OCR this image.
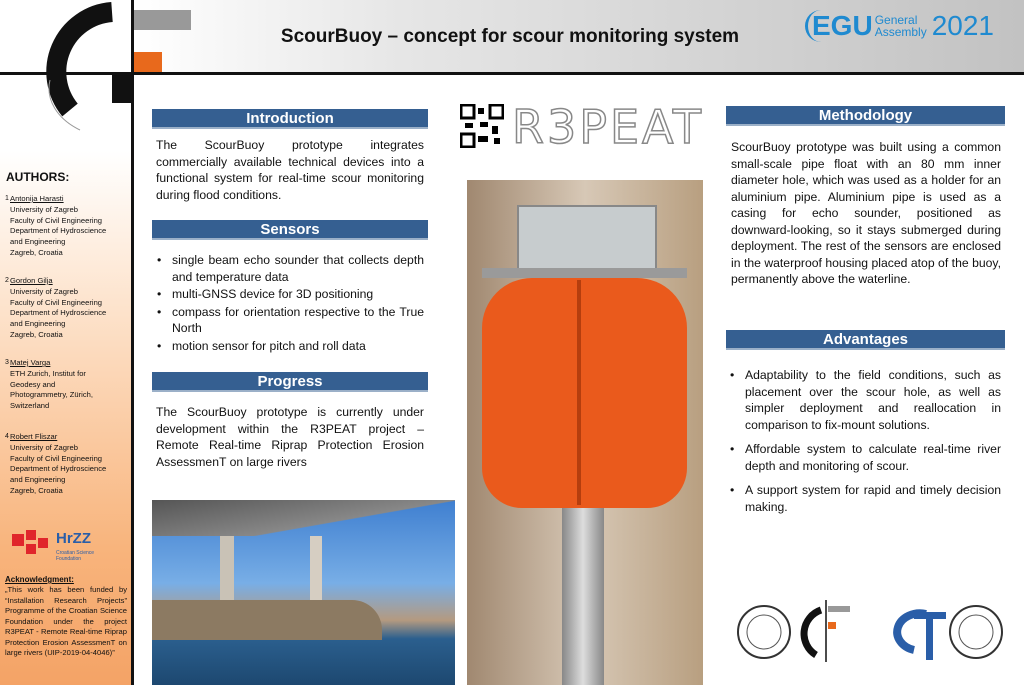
ScourBuoy – concept for scour monitoring system	EGU General
Assembly 2021
AUTHORS:
1 Antonija Harasti
University of Zagreb
Faculty of Civil Engineering
Department of Hydroscience
and Engineering
Zagreb, Croatia
2 Gordon Gilja
University of Zagreb
Faculty of Civil Engineering
Department of Hydroscience
and Engineering
Zagreb, Croatia
3 Matej Varga
ETH Zurich, Institut for
Geodesy and
Photogrammetry, Zürich,
Switzerland
4 Robert Fliszar
University of Zagreb
Faculty of Civil Engineering
Department of Hydroscience
and Engineering
Zagreb, Croatia
HrZZ
Croatian Science
Foundation
Acknowledgment:
„This work has been funded by “Installation Research Projects” Programme of the Croatian Science Foundation under the project R3PEAT - Remote Real-time Riprap Protection Erosion AssessmenT on large rivers (UIP-2019-04-4046)”
Introduction
The ScourBuoy prototype integrates commercially available technical devices into a functional system for real-time scour monitoring during flood conditions.
Sensors
• single beam echo sounder that collects depth and temperature data
• multi-GNSS device for 3D positioning
• compass for orientation respective to the True North
• motion sensor for pitch and roll data
Progress
The ScourBuoy prototype is currently under development within the R3PEAT project – Remote Real-time Riprap Protection Erosion AssessmenT on large rivers
R3PEAT	Methodology
ScourBuoy prototype was built using a common small-scale pipe float with an 80 mm inner diameter hole, which was used as a holder for an aluminium pipe. Aluminium pipe is used as a casing for echo sounder, positioned as downward-looking, so it stays submerged during deployment. The rest of the sensors are enclosed in the waterproof housing placed atop of the buoy, permanently above the waterline.
Advantages
• Adaptability to the field conditions, such as placement over the scour hole, as well as simpler deployment and reallocation in comparison to fix-mount solutions.
• Affordable system to calculate real-time river depth and monitoring of scour.
• A support system for rapid and timely decision making.
